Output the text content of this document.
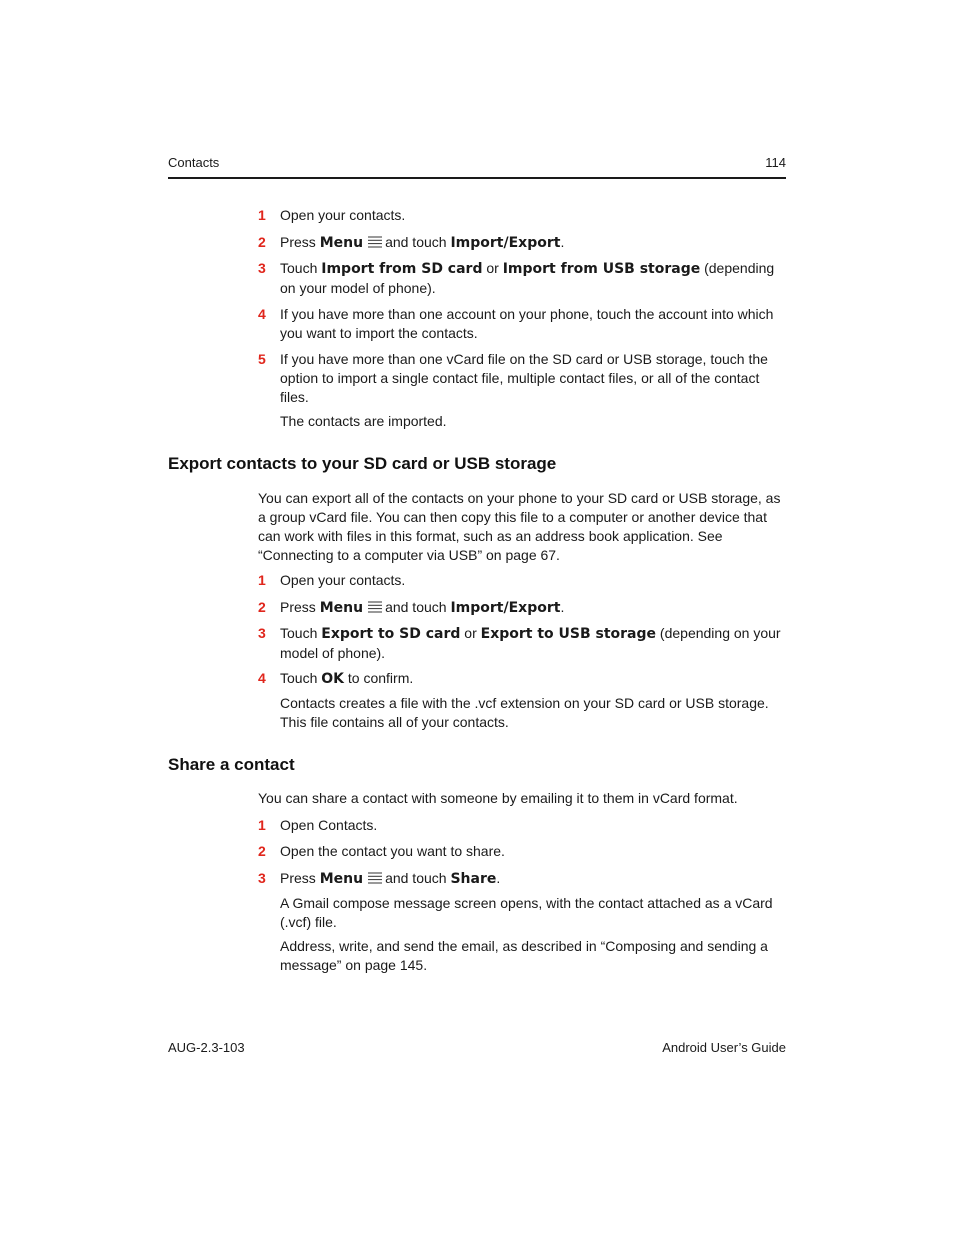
Contacts	114
1 Open your contacts.
2 Press Menu and touch Import/Export.
3 Touch Import from SD card or Import from USB storage (depending on your model of phone).
4 If you have more than one account on your phone, touch the account into which you want to import the contacts.
5 If you have more than one vCard file on the SD card or USB storage, touch the option to import a single contact file, multiple contact files, or all of the contact files.
The contacts are imported.
Export contacts to your SD card or USB storage
You can export all of the contacts on your phone to your SD card or USB storage, as a group vCard file. You can then copy this file to a computer or another device that can work with files in this format, such as an address book application. See “Connecting to a computer via USB” on page 67.
1 Open your contacts.
2 Press Menu and touch Import/Export.
3 Touch Export to SD card or Export to USB storage (depending on your model of phone).
4 Touch OK to confirm.
Contacts creates a file with the .vcf extension on your SD card or USB storage. This file contains all of your contacts.
Share a contact
You can share a contact with someone by emailing it to them in vCard format.
1 Open Contacts.
2 Open the contact you want to share.
3 Press Menu and touch Share.
A Gmail compose message screen opens, with the contact attached as a vCard (.vcf) file.
Address, write, and send the email, as described in “Composing and sending a message” on page 145.
AUG-2.3-103	Android User’s Guide
